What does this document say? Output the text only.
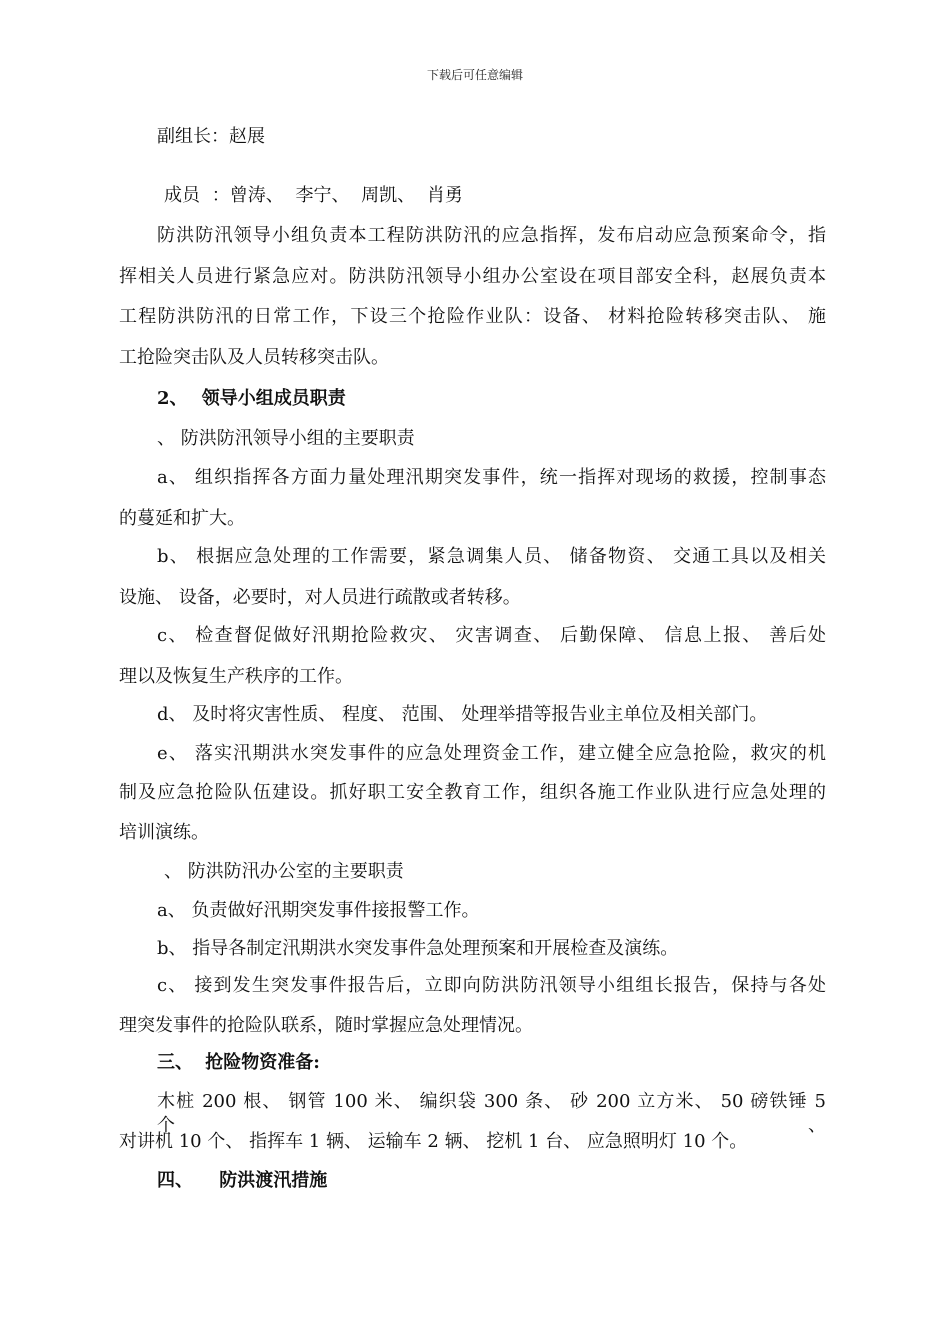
下载后可任意编辑
副组长：赵展
成员 ：曾涛、 李宁、 周凯、 肖勇
防洪防汛领导小组负责本工程防洪防汛的应急指挥，发布启动应急预案命令，指
挥相关人员进行紧急应对。防洪防汛领导小组办公室设在项目部安全科，赵展负责本
工程防洪防汛的日常工作，下设三个抢险作业队：设备、 材料抢险转移突击队、 施
工抢险突击队及人员转移突击队。
2、 领导小组成员职责
、 防洪防汛领导小组的主要职责
a、 组织指挥各方面力量处理汛期突发事件，统一指挥对现场的救援，控制事态
的蔓延和扩大。
b、 根据应急处理的工作需要，紧急调集人员、 储备物资、 交通工具以及相关
设施、 设备，必要时，对人员进行疏散或者转移。
c、 检查督促做好汛期抢险救灾、 灾害调查、 后勤保障、 信息上报、 善后处
理以及恢复生产秩序的工作。
d、 及时将灾害性质、 程度、 范围、 处理举措等报告业主单位及相关部门。
e、 落实汛期洪水突发事件的应急处理资金工作，建立健全应急抢险，救灾的机
制及应急抢险队伍建设。抓好职工安全教育工作，组织各施工作业队进行应急处理的
培训演练。
、 防洪防汛办公室的主要职责
a、 负责做好汛期突发事件接报警工作。
b、 指导各制定汛期洪水突发事件急处理预案和开展检查及演练。
c、 接到发生突发事件报告后，立即向防洪防汛领导小组组长报告，保持与各处
理突发事件的抢险队联系，随时掌握应急处理情况。
三、 抢险物资准备:
木桩 200 根、 钢管 100 米、 编织袋 300 条、 砂 200 立方米、 50 磅铁锤 5 个、
对讲机 10 个、 指挥车 1 辆、 运输车 2 辆、 挖机 1 台、 应急照明灯 10 个。
四、 防洪渡汛措施
